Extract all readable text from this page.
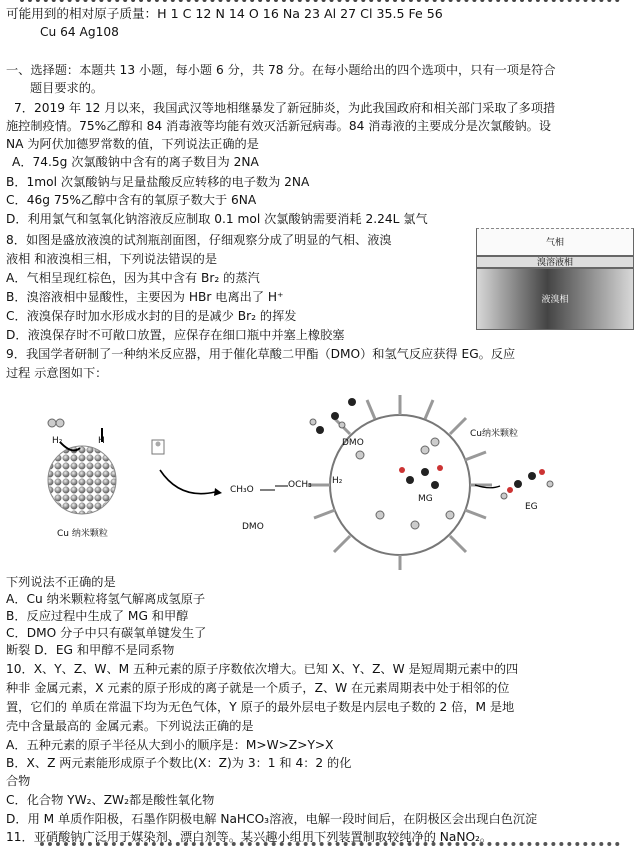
可能用到的相对原子质量：H 1 C 12 N 14 O 16 Na 23 Al 27 Cl 35.5 Fe 56
Cu 64 Ag108
一、选择题：本题共 13 小题，每小题 6 分，共 78 分。在每小题给出的四个选项中，只有一项是符合
题目要求的。
7．2019 年 12 月以来，我国武汉等地相继暴发了新冠肺炎，为此我国政府和相关部门采取了多项措
施控制疫情。75%乙醇和 84 消毒液等均能有效灭活新冠病毒。84 消毒液的主要成分是次氯酸钠。设
NA 为阿伏加德罗常数的值，下列说法正确的是
A．74.5g 次氯酸钠中含有的离子数目为 2NA
B．1mol 次氯酸钠与足量盐酸反应转移的电子数为 2NA
C．46g 75%乙醇中含有的氧原子数大于 6NA
D．利用氯气和氢氧化钠溶液反应制取 0.1 mol 次氯酸钠需要消耗 2.24L 氯气
8．如图是盛放液溴的试剂瓶剖面图，仔细观察分成了明显的气相、液溴
液相 和液溴相三相，下列说法错误的是
A．气相呈现红棕色，因为其中含有 Br₂ 的蒸汽
B．溴溶液相中显酸性，主要因为 HBr 电离出了 H⁺
C．液溴保存时加水形成水封的目的是减少 Br₂ 的挥发
D．液溴保存时不可敞口放置，应保存在细口瓶中并塞上橡胶塞
气相
溴溶液相
液溴相
9．我国学者研制了一种纳米反应器，用于催化草酸二甲酯（DMO）和氢气反应获得 EG。反应
过程 示意图如下：
H₂	H
Cu 纳米颗粒
CH₃O	OCH₃
DMO
Cu纳米颗粒
DMO
H₂
MG
EG
下列说法不正确的是
A．Cu 纳米颗粒将氢气解离成氢原子
B．反应过程中生成了 MG 和甲醇
C．DMO 分子中只有碳氧单键发生了
断裂 D．EG 和甲醇不是同系物
10．X、Y、Z、W、M 五种元素的原子序数依次增大。已知 X、Y、Z、W 是短周期元素中的四
种非 金属元素，X 元素的原子形成的离子就是一个质子，Z、W 在元素周期表中处于相邻的位
置，它们的 单质在常温下均为无色气体，Y 原子的最外层电子数是内层电子数的 2 倍，M 是地
壳中含量最高的 金属元素。下列说法正确的是
A．五种元素的原子半径从大到小的顺序是：M>W>Z>Y>X
B．X、Z 两元素能形成原子个数比(X：Z)为 3：1 和 4：2 的化
合物
C．化合物 YW₂、ZW₂都是酸性氧化物
D．用 M 单质作阳极，石墨作阴极电解 NaHCO₃溶液，电解一段时间后，在阴极区会出现白色沉淀
11．亚硝酸钠广泛用于媒染剂、漂白剂等。某兴趣小组用下列装置制取较纯净的 NaNO₂。
